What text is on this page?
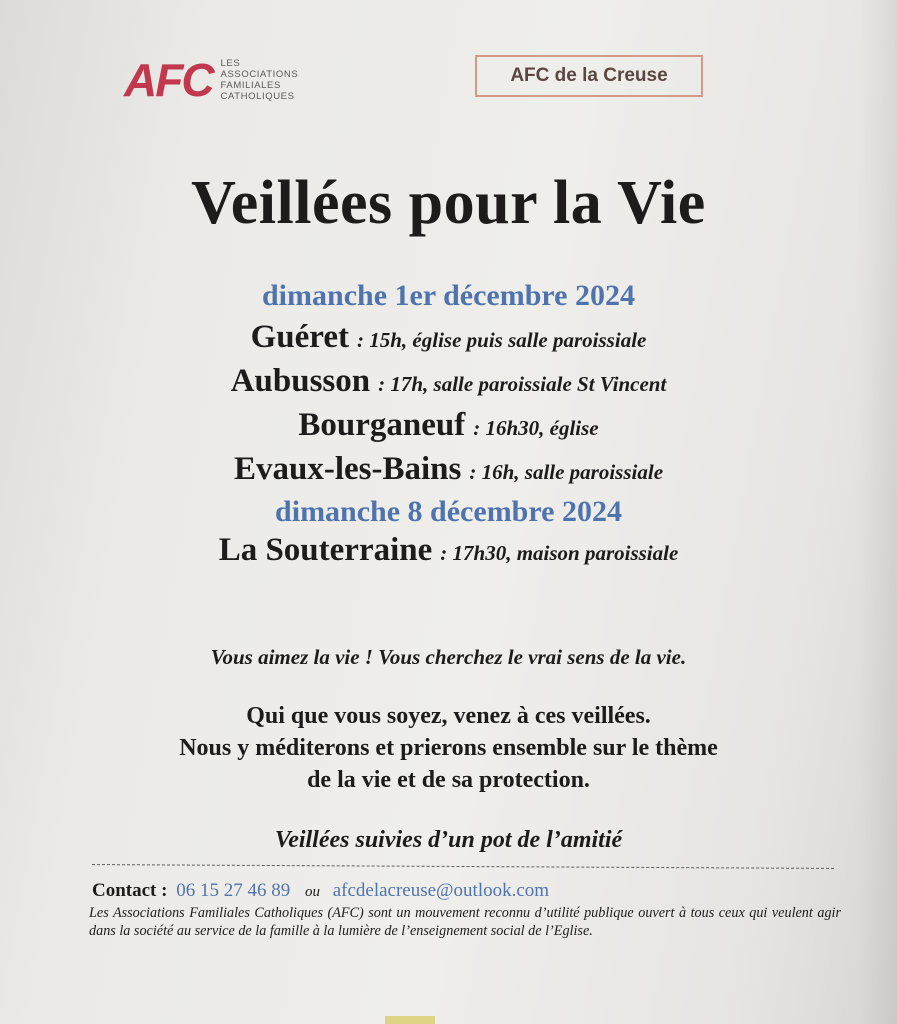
AFC LES
ASSOCIATIONS
FAMILIALES
CATHOLIQUES
AFC de la Creuse
Veillées pour la Vie
dimanche 1er décembre 2024
Guéret : 15h, église puis salle paroissiale
Aubusson : 17h, salle paroissiale St Vincent
Bourganeuf : 16h30, église
Evaux-les-Bains : 16h, salle paroissiale
dimanche 8 décembre 2024
La Souterraine : 17h30, maison paroissiale
Vous aimez la vie ! Vous cherchez le vrai sens de la vie.
Qui que vous soyez, venez à ces veillées.
Nous y méditerons et prierons ensemble sur le thème
de la vie et de sa protection.
Veillées suivies d’un pot de l’amitié
Contact : 06 15 27 46 89 ou afcdelacreuse@outlook.com
Les Associations Familiales Catholiques (AFC) sont un mouvement reconnu d’utilité publique ouvert à tous ceux qui veulent agir dans la société au service de la famille à la lumière de l’enseignement social de l’Eglise.
